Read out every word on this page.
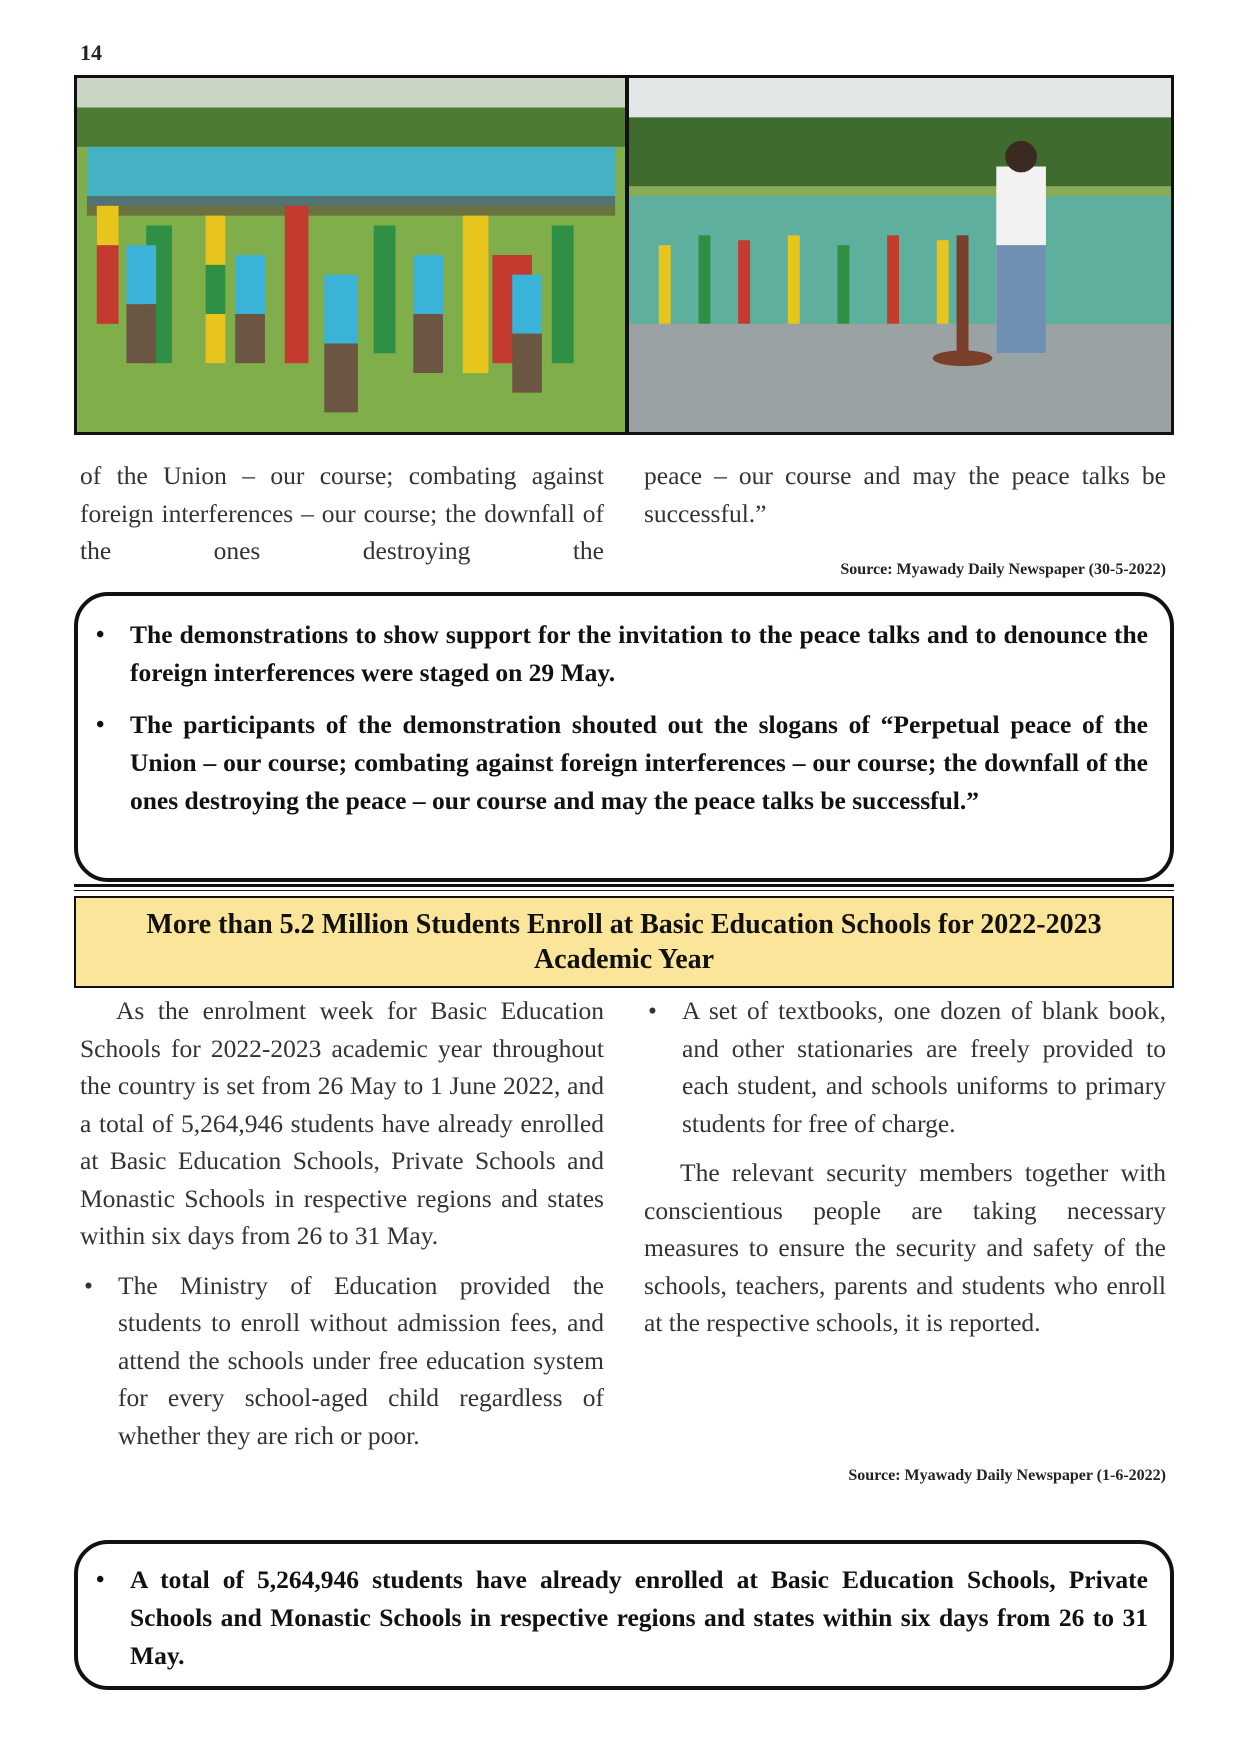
14

of the Union – our course; combating against foreign interferences – our course; the downfall of the ones destroying the

peace – our course and may the peace talks be successful.”

Source: Myawady Daily Newspaper (30-5-2022)
• The demonstrations to show support for the invitation to the peace talks and to denounce the foreign interferences were staged on 29 May.
• The participants of the demonstration shouted out the slogans of “Perpetual peace of the Union – our course; combating against foreign interferences – our course; the downfall of the ones destroying the peace – our course and may the peace talks be successful.”
More than 5.2 Million Students Enroll at Basic Education Schools for 2022-2023
Academic Year

As the enrolment week for Basic Education Schools for 2022-2023 academic year throughout the country is set from 26 May to 1 June 2022, and a total of 5,264,946 students have already enrolled at Basic Education Schools, Private Schools and Monastic Schools in respective regions and states within six days from 26 to 31 May.

• The Ministry of Education provided the students to enroll without admission fees, and attend the schools under free education system for every school-aged child regardless of whether they are rich or poor.

• A set of textbooks, one dozen of blank book, and other stationaries are freely provided to each student, and schools uniforms to primary students for free of charge.

The relevant security members together with conscientious people are taking necessary measures to ensure the security and safety of the schools, teachers, parents and students who enroll at the respective schools, it is reported.

Source: Myawady Daily Newspaper (1-6-2022)
• A total of 5,264,946 students have already enrolled at Basic Education Schools, Private Schools and Monastic Schools in respective regions and states within six days from 26 to 31 May.
